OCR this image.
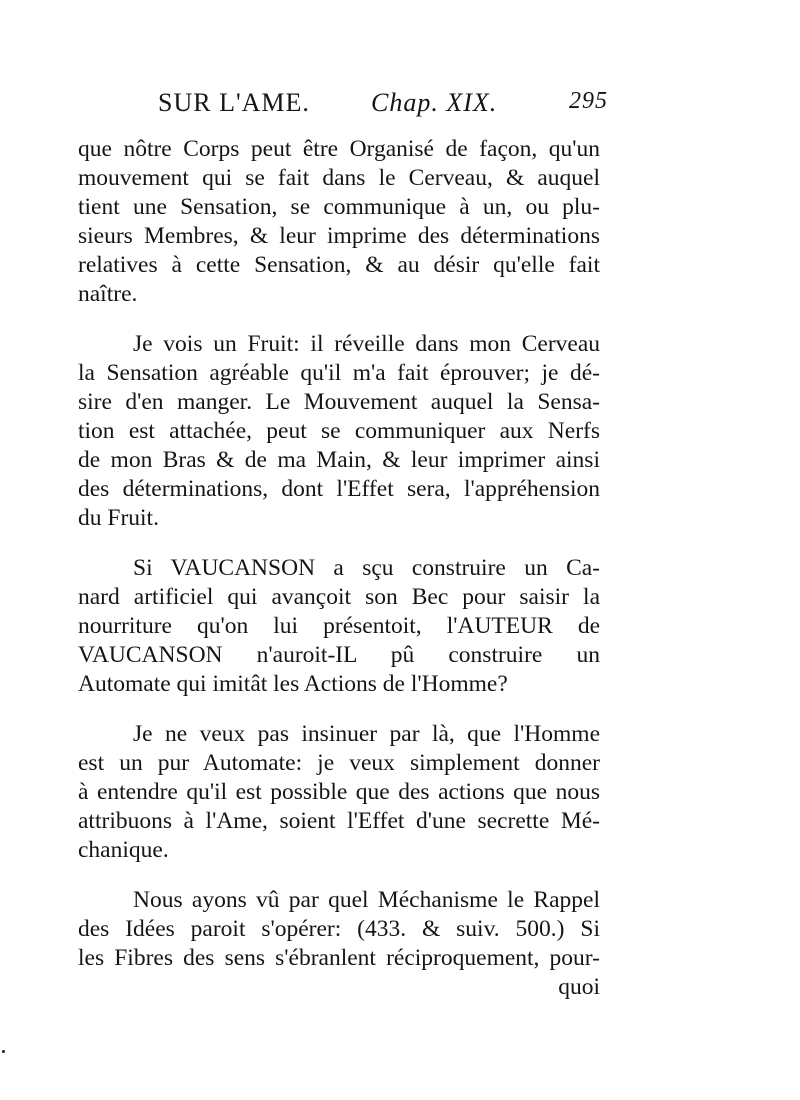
SUR L'AME. Chap. XIX.	295
que nôtre Corps peut être Organisé de façon, qu'un
mouvement qui se fait dans le Cerveau, & auquel
tient une Sensation, se communique à un, ou plu-
sieurs Membres, & leur imprime des déterminations
relatives à cette Sensation, & au désir qu'elle fait
naître.
Je vois un Fruit: il réveille dans mon Cerveau
la Sensation agréable qu'il m'a fait éprouver; je dé-
sire d'en manger. Le Mouvement auquel la Sensa-
tion est attachée, peut se communiquer aux Nerfs
de mon Bras & de ma Main, & leur imprimer ainsi
des déterminations, dont l'Effet sera, l'appréhension
du Fruit.
Si VAUCANSON a sçu construire un Ca-
nard artificiel qui avançoit son Bec pour saisir la
nourriture qu'on lui présentoit, l'AUTEUR de
VAUCANSON n'auroit-IL pû construire un
Automate qui imitât les Actions de l'Homme?
Je ne veux pas insinuer par là, que l'Homme
est un pur Automate: je veux simplement donner
à entendre qu'il est possible que des actions que nous
attribuons à l'Ame, soient l'Effet d'une secrette Mé-
chanique.
Nous ayons vû par quel Méchanisme le Rappel
des Idées paroit s'opérer: (433. & suiv. 500.) Si
les Fibres des sens s'ébranlent réciproquement, pour-
quoi
